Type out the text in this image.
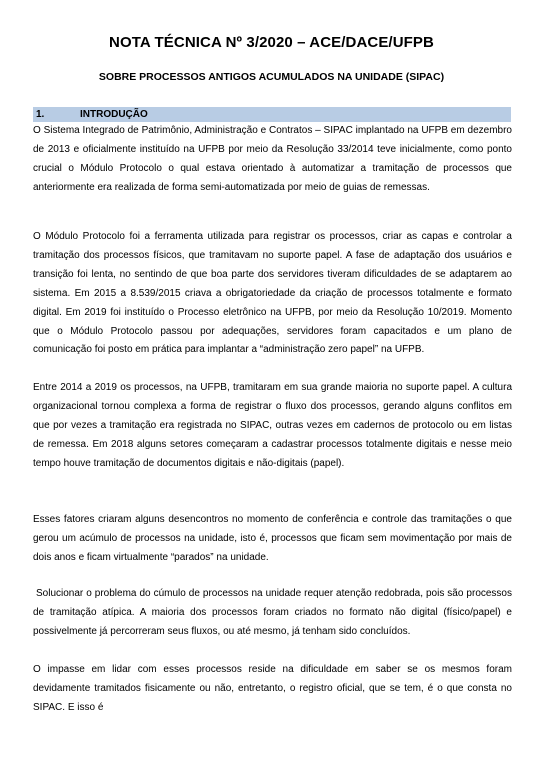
NOTA TÉCNICA Nº 3/2020 – ACE/DACE/UFPB
SOBRE PROCESSOS ANTIGOS ACUMULADOS NA UNIDADE (SIPAC)
1.	INTRODUÇÃO

O Sistema Integrado de Patrimônio, Administração e Contratos – SIPAC implantado na UFPB em dezembro de 2013 e oficialmente instituído na UFPB por meio da Resolução 33/2014 teve inicialmente, como ponto crucial o Módulo Protocolo o qual estava orientado à automatizar a tramitação de processos que anteriormente era realizada de forma semi-automatizada por meio de guias de remessas.

O Módulo Protocolo foi a ferramenta utilizada para registrar os processos, criar as capas e controlar a tramitação dos processos físicos, que tramitavam no suporte papel. A fase de adaptação dos usuários e transição foi lenta, no sentindo de que boa parte dos servidores tiveram dificuldades de se adaptarem ao sistema. Em 2015 a 8.539/2015 criava a obrigatoriedade da criação de processos totalmente e formato digital. Em 2019 foi instituído o Processo eletrônico na UFPB, por meio da Resolução 10/2019. Momento que o Módulo Protocolo passou por adequações, servidores foram capacitados e um plano de comunicação foi posto em prática para implantar a “administração zero papel” na UFPB.

Entre 2014 a 2019 os processos, na UFPB, tramitaram em sua grande maioria no suporte papel. A cultura organizacional tornou complexa a forma de registrar o fluxo dos processos, gerando alguns conflitos em que por vezes a tramitação era registrada no SIPAC, outras vezes em cadernos de protocolo ou em listas de remessa. Em 2018 alguns setores começaram a cadastrar processos totalmente digitais e nesse meio tempo houve tramitação de documentos digitais e não-digitais (papel).

Esses fatores criaram alguns desencontros no momento de conferência e controle das tramitações o que gerou um acúmulo de processos na unidade, isto é, processos que ficam sem movimentação por mais de dois anos e ficam virtualmente “parados” na unidade.

Solucionar o problema do cúmulo de processos na unidade requer atenção redobrada, pois são processos de tramitação atípica. A maioria dos processos foram criados no formato não digital (físico/papel) e possivelmente já percorreram seus fluxos, ou até mesmo, já tenham sido concluídos.

O impasse em lidar com esses processos reside na dificuldade em saber se os mesmos foram devidamente tramitados fisicamente ou não, entretanto, o registro oficial, que se tem, é o que consta no SIPAC. E isso é
